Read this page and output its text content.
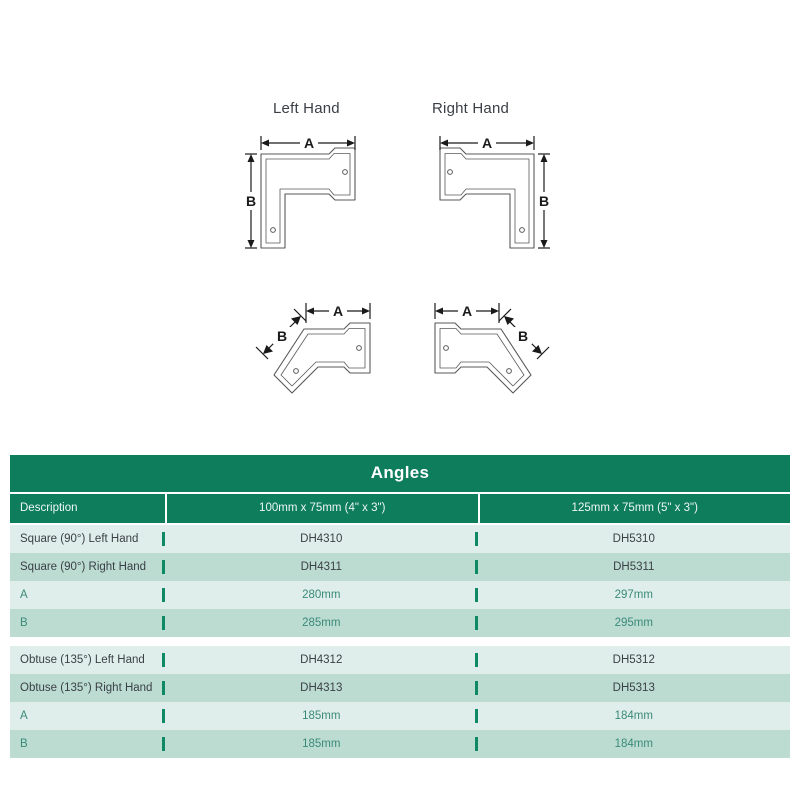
Left Hand	Right Hand
A
B
A
B
A
B
A
B
Angles
Description	100mm x 75mm (4" x 3")	125mm x 75mm (5" x 3")
Square (90°) Left Hand	DH4310	DH5310
Square (90°) Right Hand	DH4311	DH5311
A	280mm	297mm
B	285mm	295mm
Obtuse (135°) Left Hand	DH4312	DH5312
Obtuse (135°) Right Hand	DH4313	DH5313
A	185mm	184mm
B	185mm	184mm
